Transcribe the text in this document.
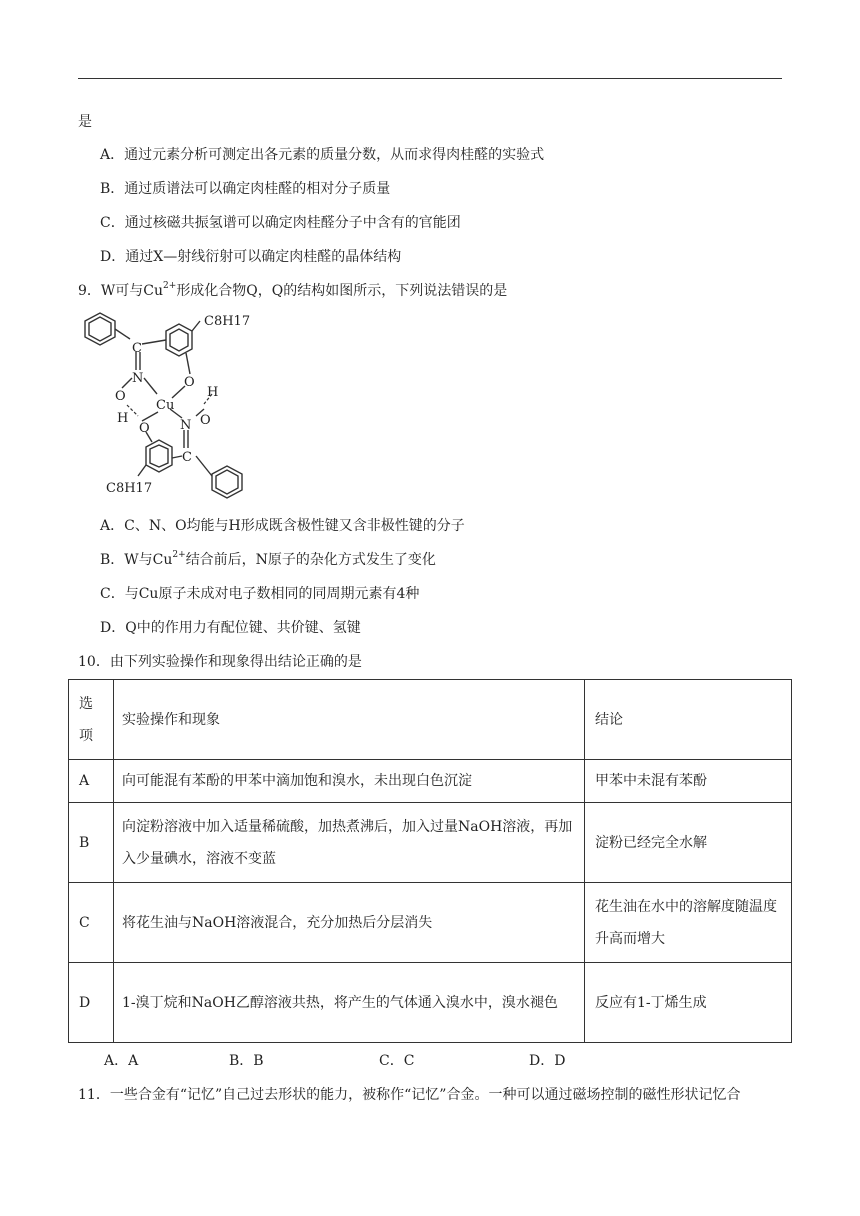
是
A．通过元素分析可测定出各元素的质量分数，从而求得肉桂醛的实验式
B．通过质谱法可以确定肉桂醛的相对分子质量
C．通过核磁共振氢谱可以确定肉桂醛分子中含有的官能团
D．通过X—射线衍射可以确定肉桂醛的晶体结构
9．W可与$Cu^{2+}$形成化合物Q，Q的结构如图所示，下列说法错误的是
C8H17
C
N	O
H
O
Cu
H
O N O
C
C8H17
A．C、N、O均能与H形成既含极性键又含非极性键的分子
B．W与$Cu^{2+}$结合前后，N原子的杂化方式发生了变化
C．与Cu原子未成对电子数相同的同周期元素有4种
D．Q中的作用力有配位键、共价键、氢键
10．由下列实验操作和现象得出结论正确的是
选项	实验操作和现象	结论
A	向可能混有苯酚的甲苯中滴加饱和溴水，未出现白色沉淀	甲苯中未混有苯酚
B	向淀粉溶液中加入适量稀硫酸，加热煮沸后，加入过量NaOH溶液，再加入少量碘水，溶液不变蓝	淀粉已经完全水解
C	将花生油与NaOH溶液混合，充分加热后分层消失	花生油在水中的溶解度随温度升高而增大
D	1-溴丁烷和NaOH乙醇溶液共热，将产生的气体通入溴水中，溴水褪色	反应有1-丁烯生成
A．A	B．B	C．C	D．D
11．一些合金有“记忆”自己过去形状的能力，被称作“记忆”合金。一种可以通过磁场控制的磁性形状记忆合
